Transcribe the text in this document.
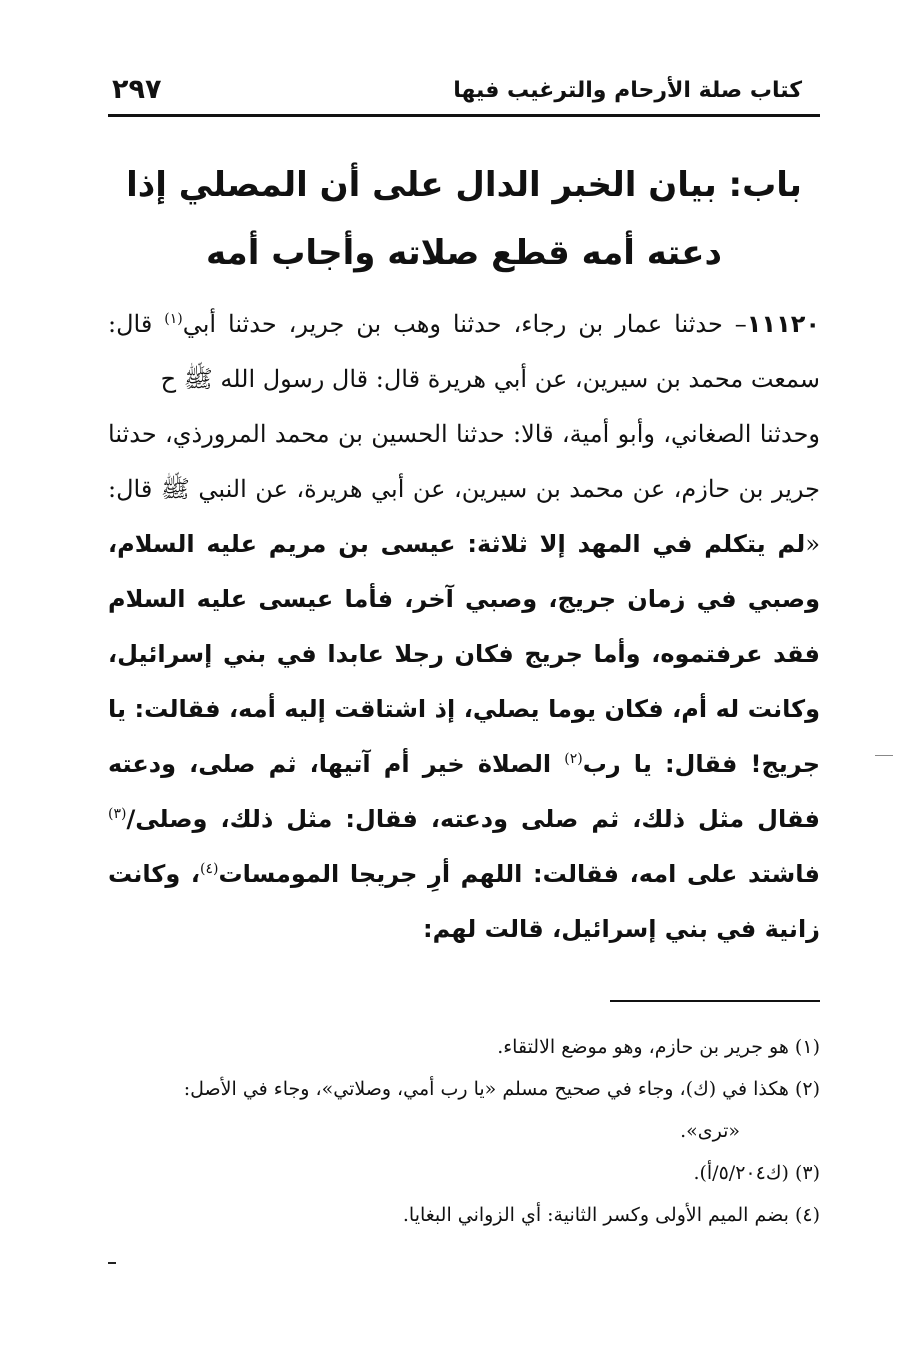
كتاب صلة الأرحام والترغيب فيها
٢٩٧
باب: بيان الخبر الدال على أن المصلي إذا دعته أمه قطع صلاته وأجاب أمه

١١١٢٠– حدثنا عمار بن رجاء، حدثنا وهب بن جرير، حدثنا أبي$^{(١)}$ قال: سمعت محمد بن سيرين، عن أبي هريرة قال: قال رسول الله ﷺ ح

وحدثنا الصغاني، وأبو أمية، قالا: حدثنا الحسين بن محمد المرورذي، حدثنا جرير بن حازم، عن محمد بن سيرين، عن أبي هريرة، عن النبي ﷺ قال: «لم يتكلم في المهد إلا ثلاثة: عيسى بن مريم عليه السلام، وصبي في زمان جريج، وصبي آخر، فأما عيسى عليه السلام فقد عرفتموه، وأما جريج فكان رجلا عابدا في بني إسرائيل، وكانت له أم، فكان يوما يصلي، إذ اشتاقت إليه أمه، فقالت: يا جريج! فقال: يا رب$^{(٢)}$ الصلاة خير أم آتيها، ثم صلى، ودعته فقال مثل ذلك، ثم صلى ودعته، فقال: مثل ذلك، وصلى/$^{(٣)}$ فاشتد على امه، فقالت: اللهم أرِ جريجا المومسات$^{(٤)}$، وكانت زانية في بني إسرائيل، قالت لهم:

(١) هو جرير بن حازم، وهو موضع الالتقاء.

(٢) هكذا في (ك)، وجاء في صحيح مسلم «يا رب أمي، وصلاتي»، وجاء في الأصل:

«ترى».

(٣) (ك٥/٢٠٤/أ).

(٤) بضم الميم الأولى وكسر الثانية: أي الزواني البغايا.
